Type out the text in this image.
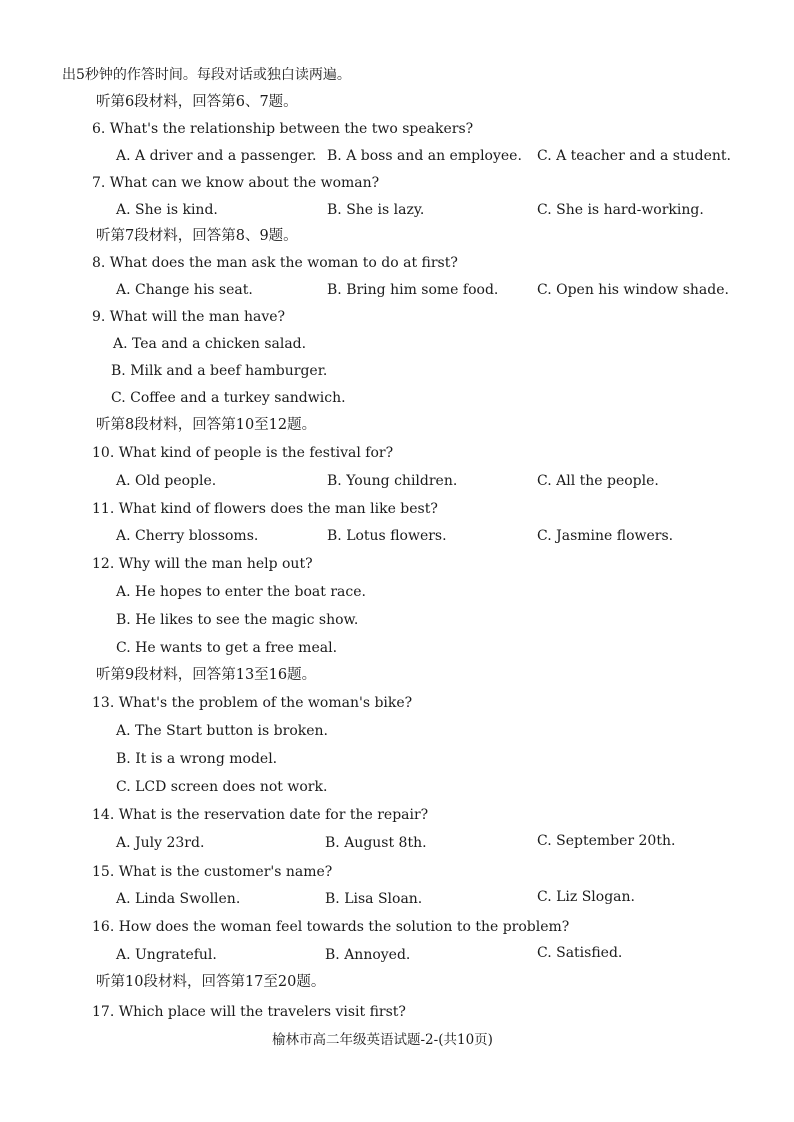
出5秒钟的作答时间。每段对话或独白读两遍。
听第6段材料，回答第6、7题。
6. What's the relationship between the two speakers?
A. A driver and a passenger. B. A boss and an employee. C. A teacher and a student.
7. What can we know about the woman?
A. She is kind.	B. She is lazy.	C. She is hard-working.
听第7段材料，回答第8、9题。
8. What does the man ask the woman to do at first?
A. Change his seat.	B. Bring him some food.	C. Open his window shade.
9. What will the man have?
A. Tea and a chicken salad.
B. Milk and a beef hamburger.
C. Coffee and a turkey sandwich.
听第8段材料，回答第10至12题。
10. What kind of people is the festival for?
A. Old people.	B. Young children.	C. All the people.
11. What kind of flowers does the man like best?
A. Cherry blossoms.	B. Lotus flowers.	C. Jasmine flowers.
12. Why will the man help out?
A. He hopes to enter the boat race.
B. He likes to see the magic show.
C. He wants to get a free meal.
听第9段材料，回答第13至16题。
13. What's the problem of the woman's bike?
A. The Start button is broken.
B. It is a wrong model.
C. LCD screen does not work.
14. What is the reservation date for the repair?
A. July 23rd.	B. August 8th.	C. September 20th.
15. What is the customer's name?
A. Linda Swollen.	B. Lisa Sloan.	C. Liz Slogan.
16. How does the woman feel towards the solution to the problem?
A. Ungrateful.	B. Annoyed.	C. Satisfied.
听第10段材料，回答第17至20题。
17. Which place will the travelers visit first?
榆林市高二年级英语试题-2-(共10页)
